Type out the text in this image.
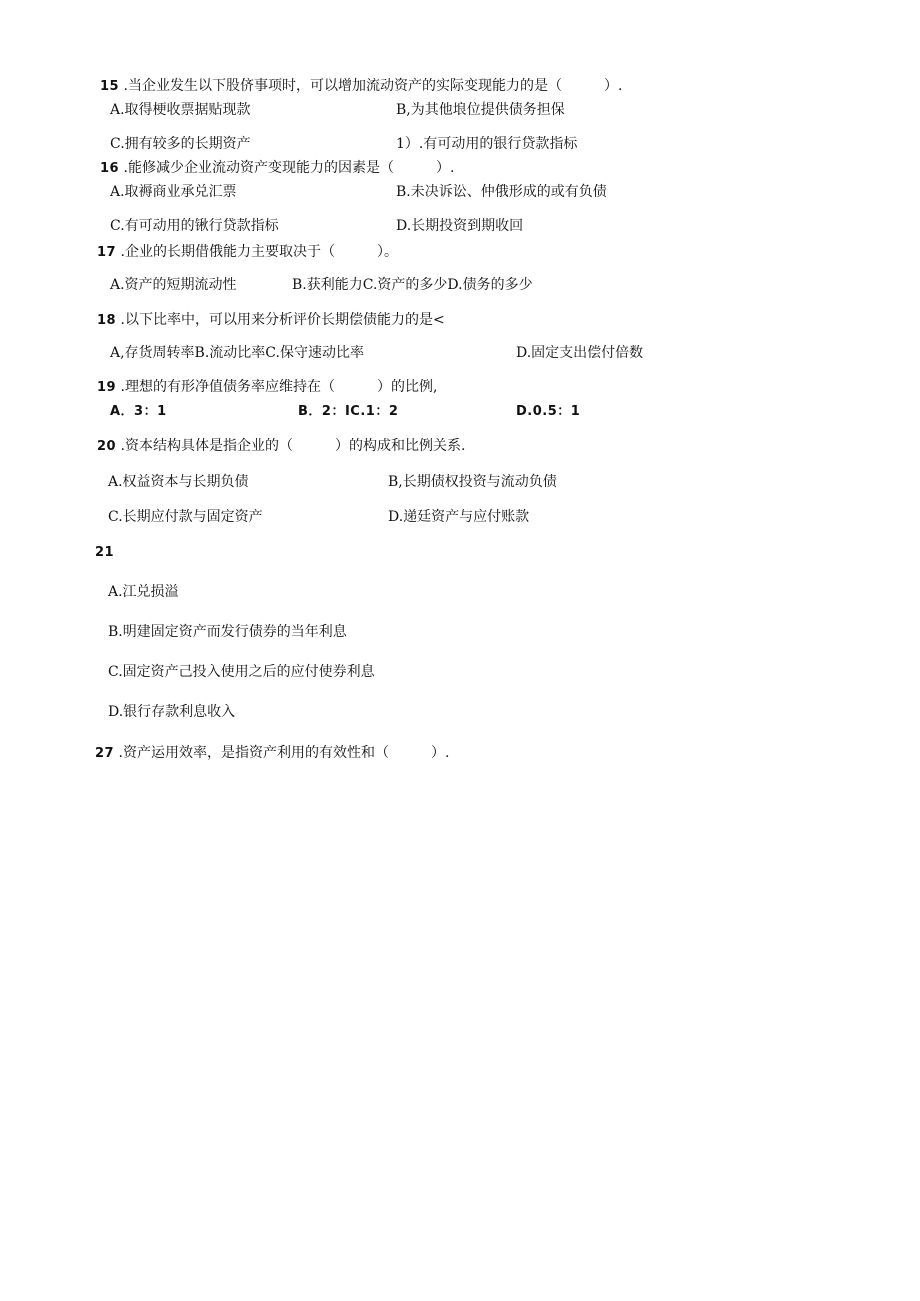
15 .当企业发生以下股侪事项时，可以增加流动资产的实际变现能力的是（　　　）.
A.取得梗收票据贴现款	B,为其他埌位提供债务担保
C.拥有较多的长期资产	1）.有可动用的银行贷款指标
16 .能修减少企业流动资产变现能力的因素是（　　　）.
A.取褥商业承兑汇票	B.未决诉讼、仲俄形成的或有负债
C.有可动用的锹行贷款指标	D.长期投资到期收回
17 .企业的长期借俄能力主要取决于（　　　）。
A.资产的短期流动性	B.获利能力C.资产的多少D.债务的多少
18 .以下比率中，可以用来分析评价长期偿债能力的是<
A,存货周转率B.流动比率C.保守速动比率	D.固定支出偿付倍数
19 .理想的有形净值债务率应维持在（　　　）的比例,
A．3：1	B．2：IC.1：2	D.0.5：1
20 .资本结构具体是指企业的（　　　）的构成和比例关系.
A.权益资本与长期负债	B,长期债权投资与流动负债
C.长期应付款与固定资产	D.递廷资产与应付账款
21
A.江兑损溢
B.明建固定资产而发行债券的当年利息
C.固定资产己投入使用之后的应付使券利息
D.银行存款利息收入
27 .资产运用效率，是指资产利用的有效性和（　　　）.
